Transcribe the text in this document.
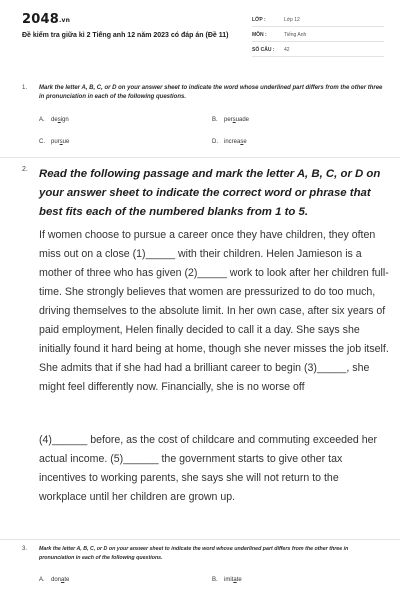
2048.vn
Đề kiểm tra giữa kì 2 Tiếng anh 12 năm 2023 có đáp án (Đề 11)
LỚP :	Lớp 12
MÔN :	Tiếng Anh
SỐ CÂU : 42
1. Mark the letter A, B, C, or D on your answer sheet to indicate the word whose underlined part differs from the other three in pronunciation in each of the following questions.
A. design	B. persuade
C. pursue	D. increase
2. Read the following passage and mark the letter A, B, C, or D on your answer sheet to indicate the correct word or phrase that best fits each of the numbered blanks from 1 to 5.
If women choose to pursue a career once they have children, they often miss out on a close (1)_____ with their children. Helen Jamieson is a mother of three who has given (2)_____ work to look after her children full-time. She strongly believes that women are pressurized to do too much, driving themselves to the absolute limit. In her own case, after six years of paid employment, Helen finally decided to call it a day. She says she initially found it hard being at home, though she never misses the job itself. She admits that if she had had a brilliant career to begin (3)_____, she might feel differently now. Financially, she is no worse off
(4)______ before, as the cost of childcare and commuting exceeded her actual income. (5)______ the government starts to give other tax incentives to working parents, she says she will not return to the workplace until her children are grown up.
3. Mark the letter A, B, C, or D on your answer sheet to indicate the word whose underlined part differs from the other three in pronunciation in each of the following questions.
A. donate	B. imitate
